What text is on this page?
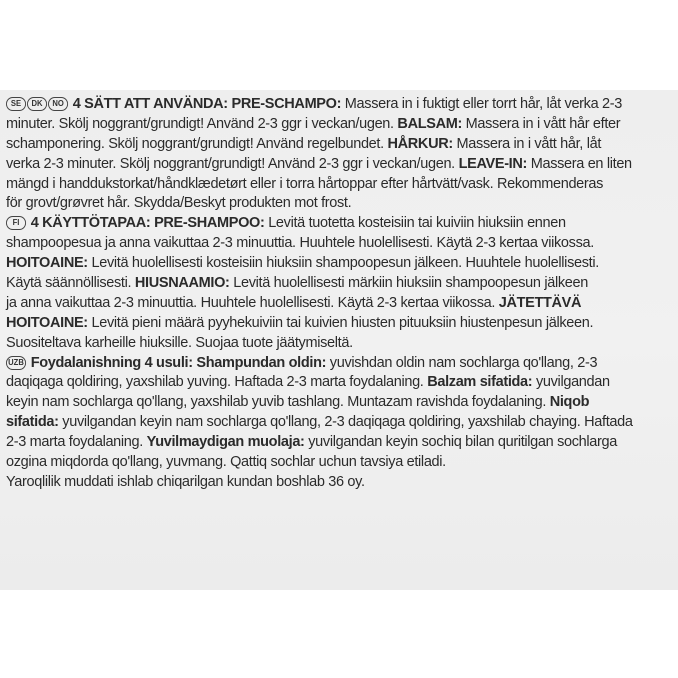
SE DK NO 4 SÄTT ATT ANVÄNDA: PRE-SCHAMPO: Massera in i fuktigt eller torrt hår, låt verka 2-3
minuter. Skölj noggrant/grundigt! Använd 2-3 ggr i veckan/ugen. BALSAM: Massera in i vått hår efter
schamponering. Skölj noggrant/grundigt! Använd regelbundet. HÅRKUR: Massera in i vått hår, låt
verka 2-3 minuter. Skölj noggrant/grundigt! Använd 2-3 ggr i veckan/ugen. LEAVE-IN: Massera en liten
mängd i handdukstorkat/håndklædetørt eller i torra hårtoppar efter hårtvätt/vask. Rekommenderas
för grovt/grøvret hår. Skydda/Beskyt produkten mot frost.
FI 4 KÄYTTÖTAPAA: PRE-SHAMPOO: Levitä tuotetta kosteisiin tai kuiviin hiuksiin ennen
shampoopesua ja anna vaikuttaa 2-3 minuuttia. Huuhtele huolellisesti. Käytä 2-3 kertaa viikossa.
HOITOAINE: Levitä huolellisesti kosteisiin hiuksiin shampoopesun jälkeen. Huuhtele huolellisesti.
Käytä säännöllisesti. HIUSNAAMIO: Levitä huolellisesti märkiin hiuksiin shampoopesun jälkeen
ja anna vaikuttaa 2-3 minuuttia. Huuhtele huolellisesti. Käytä 2-3 kertaa viikossa. JÄTETTÄVÄ
HOITOAINE: Levitä pieni määrä pyyhekuiviin tai kuivien hiusten pituuksiin hiustenpesun jälkeen.
Suositeltava karheille hiuksille. Suojaa tuote jäätymiseltä.
UZB Foydalanishning 4 usuli: Shampundan oldin: yuvishdan oldin nam sochlarga qo'llang, 2-3
daqiqaga qoldiring, yaxshilab yuving. Haftada 2-3 marta foydalaning. Balzam sifatida: yuvilgandan
keyin nam sochlarga qo'llang, yaxshilab yuvib tashlang. Muntazam ravishda foydalaning. Niqob
sifatida: yuvilgandan keyin nam sochlarga qo'llang, 2-3 daqiqaga qoldiring, yaxshilab chaying. Haftada
2-3 marta foydalaning. Yuvilmaydigan muolaja: yuvilgandan keyin sochiq bilan quritilgan sochlarga
ozgina miqdorda qo'llang, yuvmang. Qattiq sochlar uchun tavsiya etiladi.
Yaroqlilik muddati ishlab chiqarilgan kundan boshlab 36 oy.
